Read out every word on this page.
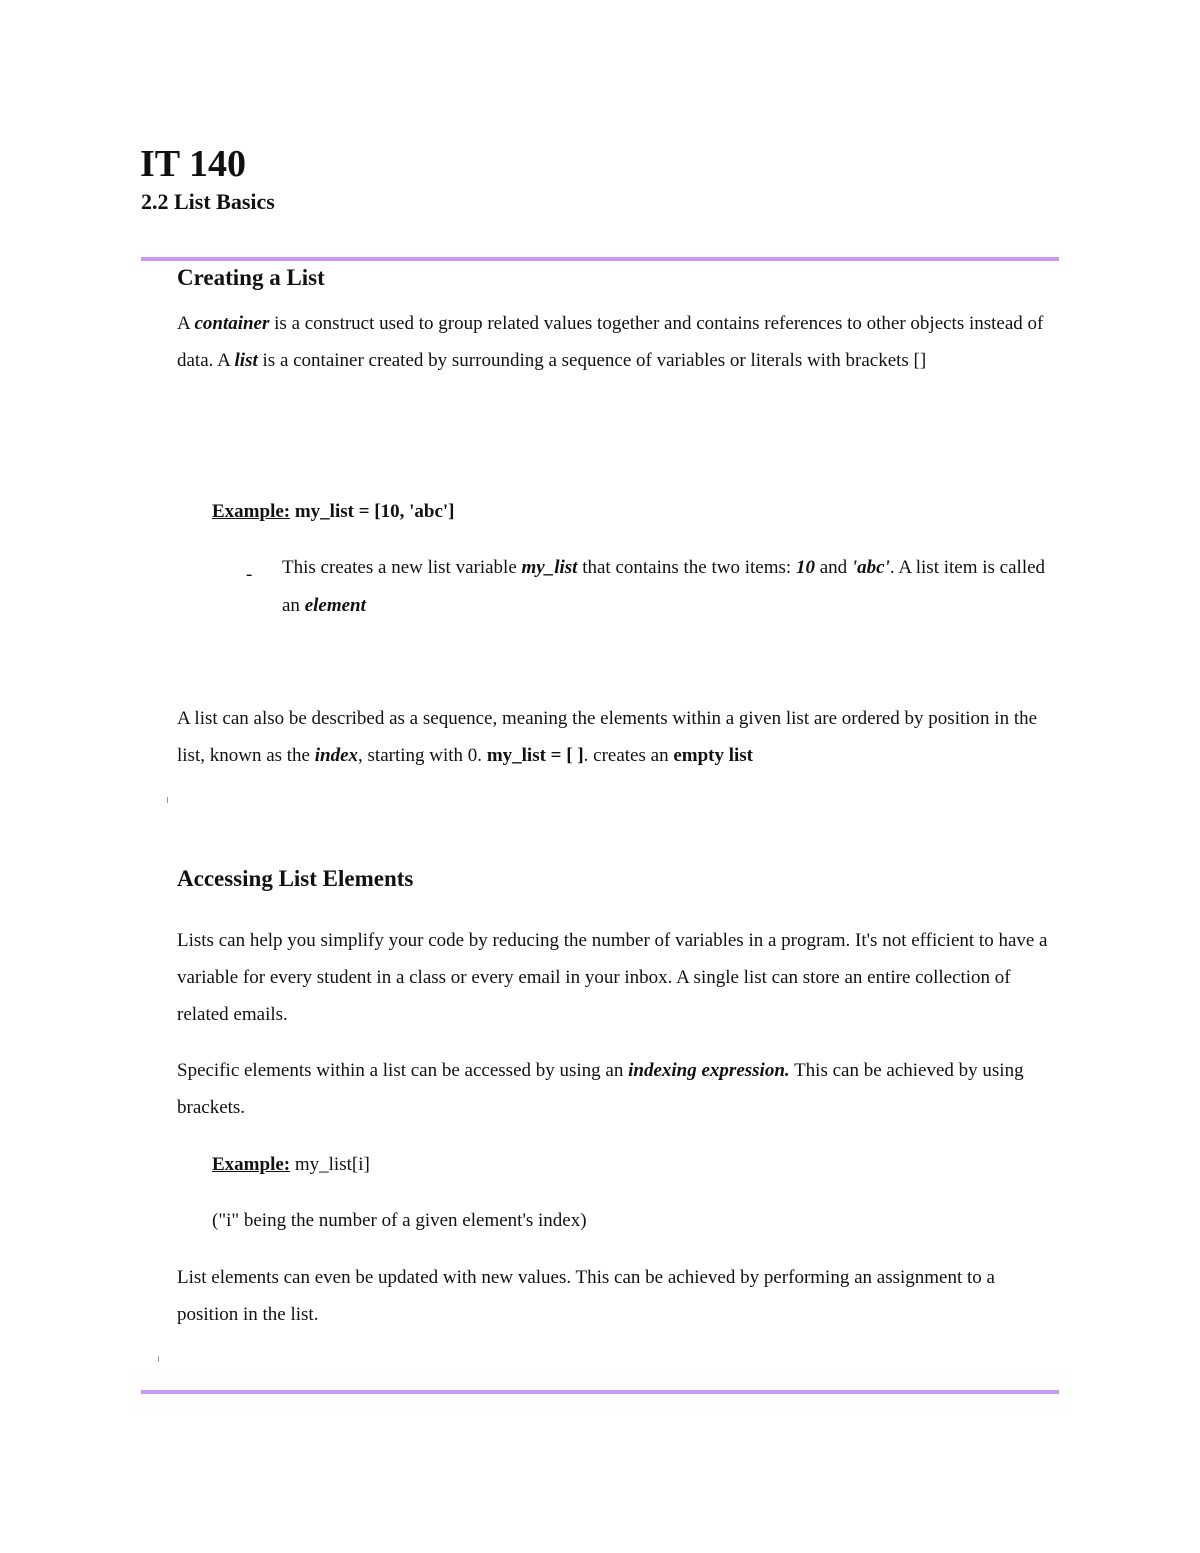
IT 140
2.2 List Basics
Creating a List

A container is a construct used to group related values together and contains references to other objects instead of data. A list is a container created by surrounding a sequence of variables or literals with brackets []

Example: my_list = [10, 'abc']

- This creates a new list variable my_list that contains the two items: 10 and 'abc'. A list item is called an element

A list can also be described as a sequence, meaning the elements within a given list are ordered by position in the list, known as the index, starting with 0. my_list = [ ]. creates an empty list

Accessing List Elements

Lists can help you simplify your code by reducing the number of variables in a program. It's not efficient to have a variable for every student in a class or every email in your inbox. A single list can store an entire collection of related emails.

Specific elements within a list can be accessed by using an indexing expression. This can be achieved by using brackets.

Example: my_list[i]

("i" being the number of a given element's index)

List elements can even be updated with new values. This can be achieved by performing an assignment to a position in the list.
